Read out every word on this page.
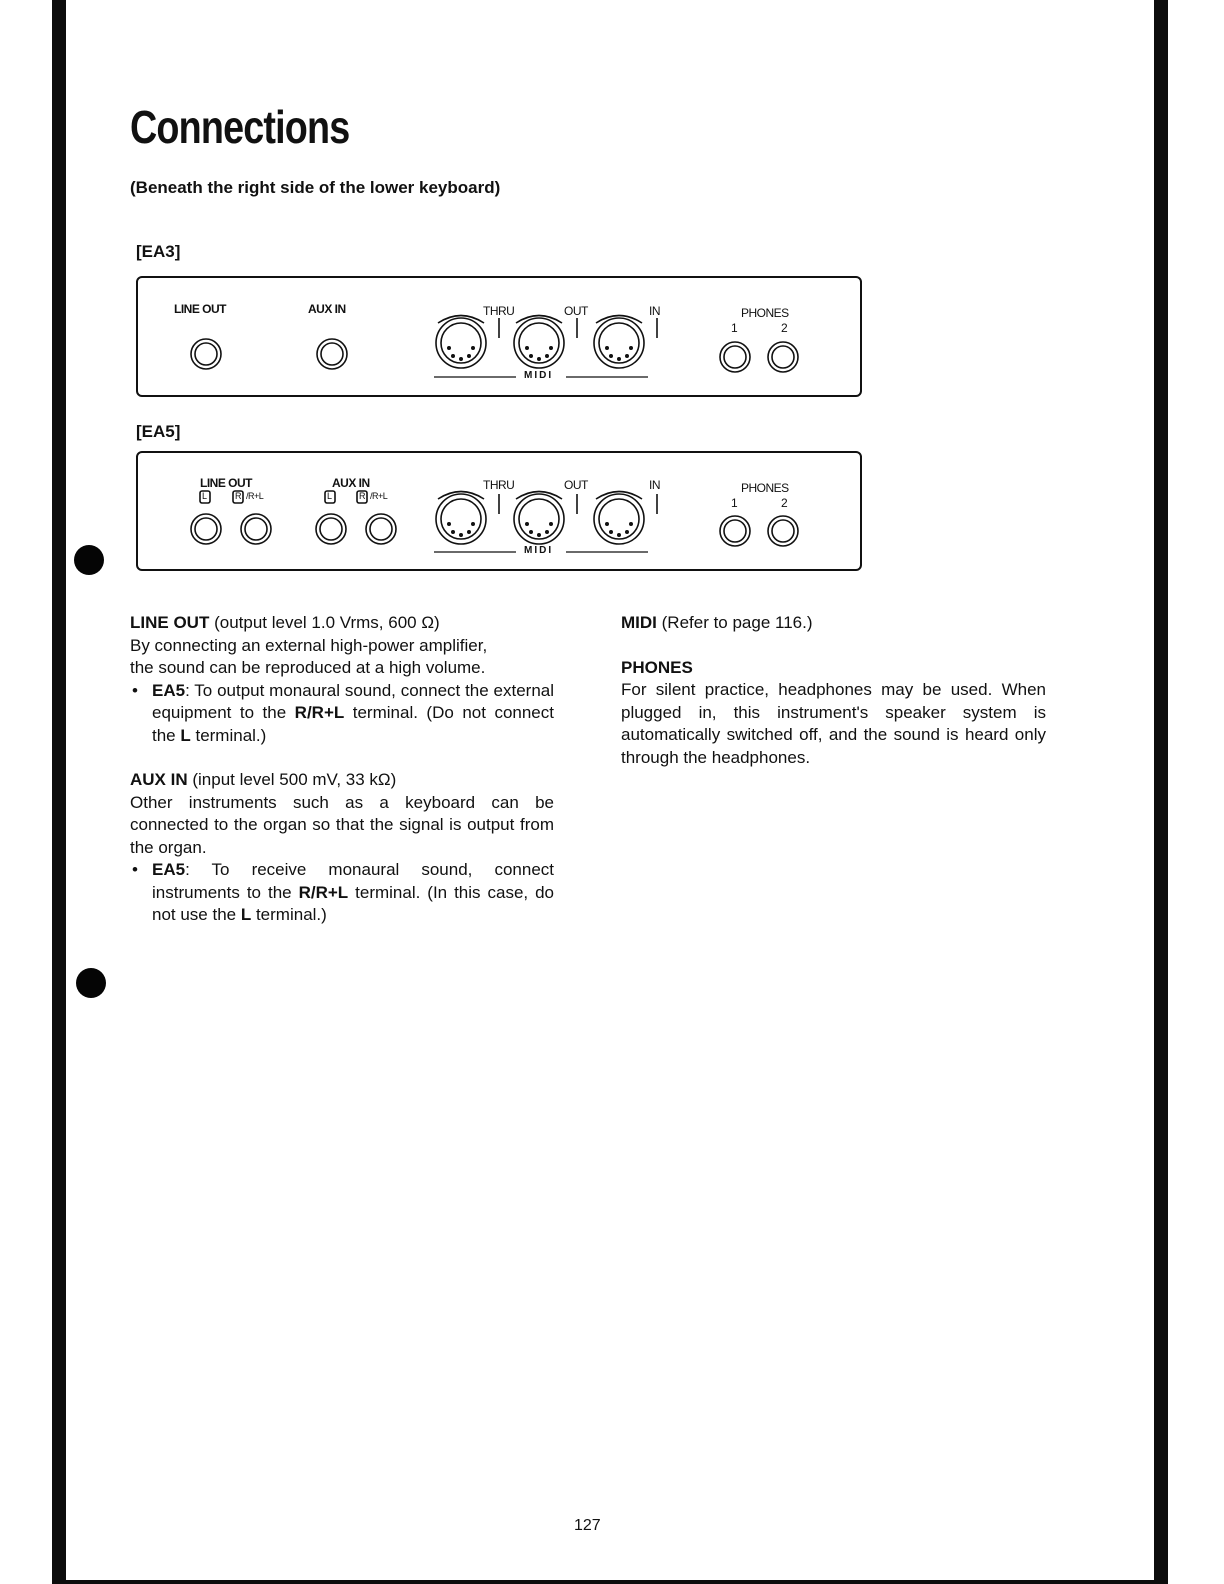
Connections

(Beneath the right side of the lower keyboard)

[EA3]

LINE OUT	AUX IN	THRU	OUT	IN
MIDI
PHONES
1	2

[EA5]

LINE OUT	AUX IN
L	R /R+L	L	R /R+L
THRU	OUT	IN
MIDI
PHONES
1	2

LINE OUT (output level 1.0 Vrms, 600 Ω)

By connecting an external high-power amplifier,

the sound can be reproduced at a high volume.

• EA5: To output monaural sound, connect the external equipment to the R/R+L terminal. (Do not connect the L terminal.)

AUX IN (input level 500 mV, 33 kΩ)

Other instruments such as a keyboard can be connected to the organ so that the signal is output from the organ.

• EA5: To receive monaural sound, connect instruments to the R/R+L terminal. (In this case, do not use the L terminal.)

MIDI (Refer to page 116.)

PHONES

For silent practice, headphones may be used. When plugged in, this instrument's speaker system is automatically switched off, and the sound is heard only through the headphones.

127
